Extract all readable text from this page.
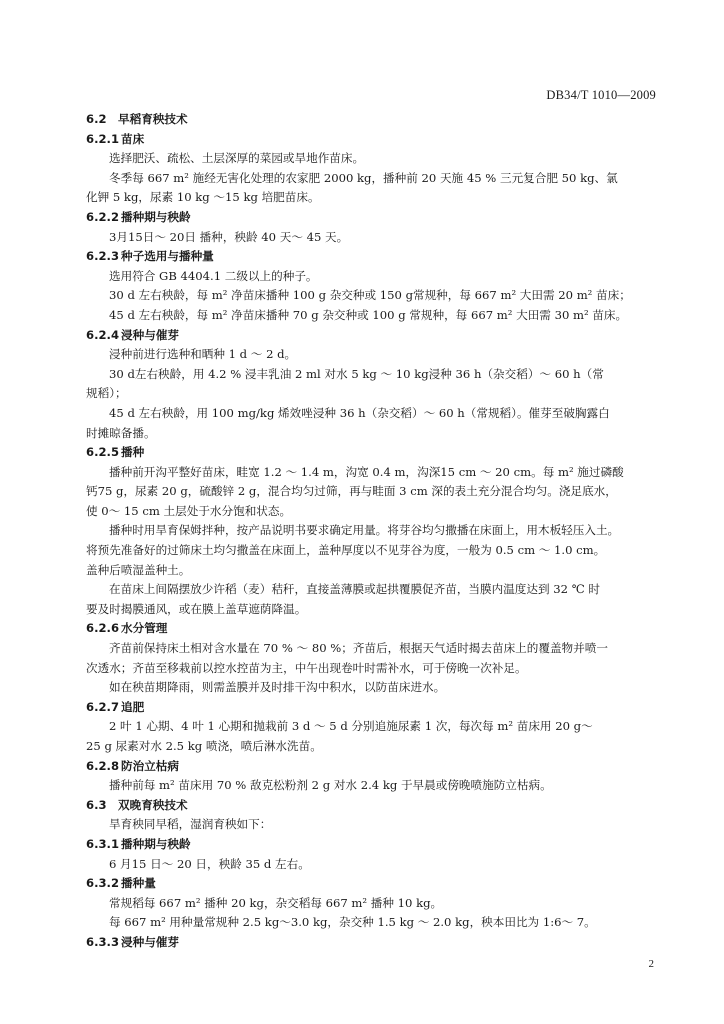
DB34/T 1010—2009
6.2 早稻育秧技术
6.2.1 苗床
选择肥沃、疏松、土层深厚的菜园或旱地作苗床。
冬季每 667 m² 施经无害化处理的农家肥 2000 kg，播种前 20 天施 45 % 三元复合肥 50 kg、氯
化钾 5 kg，尿素 10 kg ～15 kg 培肥苗床。
6.2.2 播种期与秧龄
3月15日～ 20日 播种，秧龄 40 天～ 45 天。
6.2.3 种子选用与播种量
选用符合 GB 4404.1 二级以上的种子。
30 d 左右秧龄，每 m² 净苗床播种 100 g 杂交种或 150 g常规种，每 667 m² 大田需 20 m² 苗床；
45 d 左右秧龄，每 m² 净苗床播种 70 g 杂交种或 100 g 常规种，每 667 m² 大田需 30 m² 苗床。
6.2.4 浸种与催芽
浸种前进行选种和晒种 1 d ～ 2 d。
30 d左右秧龄，用 4.2 % 浸丰乳油 2 ml 对水 5 kg ～ 10 kg浸种 36 h（杂交稻）～ 60 h（常
规稻）；
45 d 左右秧龄，用 100 mg/kg 烯效唑浸种 36 h（杂交稻）～ 60 h（常规稻）。催芽至破胸露白
时摊晾备播。
6.2.5 播种
播种前开沟平整好苗床，畦宽 1.2 ～ 1.4 m，沟宽 0.4 m，沟深15 cm ～ 20 cm。每 m² 施过磷酸
钙75 g，尿素 20 g，硫酸锌 2 g，混合均匀过筛，再与畦面 3 cm 深的表土充分混合均匀。浇足底水，
使 0～ 15 cm 土层处于水分饱和状态。
播种时用旱育保姆拌种，按产品说明书要求确定用量。将芽谷均匀撒播在床面上，用木板轻压入土。
将预先准备好的过筛床土均匀撒盖在床面上，盖种厚度以不见芽谷为度，一般为 0.5 cm ～ 1.0 cm。
盖种后喷湿盖种土。
在苗床上间隔摆放少许稻（麦）秸秆，直接盖薄膜或起拱覆膜促齐苗，当膜内温度达到 32 ℃ 时
要及时揭膜通风，或在膜上盖草遮荫降温。
6.2.6 水分管理
齐苗前保持床土相对含水量在 70 % ～ 80 %；齐苗后，根据天气适时揭去苗床上的覆盖物并喷一
次透水；齐苗至移栽前以控水控苗为主，中午出现卷叶时需补水，可于傍晚一次补足。
如在秧苗期降雨，则需盖膜并及时排干沟中积水，以防苗床进水。
6.2.7 追肥
2 叶 1 心期、4 叶 1 心期和抛栽前 3 d ～ 5 d 分别追施尿素 1 次，每次每 m² 苗床用 20 g～
25 g 尿素对水 2.5 kg 喷浇，喷后淋水洗苗。
6.2.8 防治立枯病
播种前每 m² 苗床用 70 % 敌克松粉剂 2 g 对水 2.4 kg 于早晨或傍晚喷施防立枯病。
6.3 双晚育秧技术
旱育秧同早稻，湿润育秧如下：
6.3.1 播种期与秧龄
6 月15 日～ 20 日，秧龄 35 d 左右。
6.3.2 播种量
常规稻每 667 m² 播种 20 kg，杂交稻每 667 m² 播种 10 kg。
每 667 m² 用种量常规种 2.5 kg～3.0 kg，杂交种 1.5 kg ～ 2.0 kg，秧本田比为 1:6～ 7。
6.3.3 浸种与催芽
2
